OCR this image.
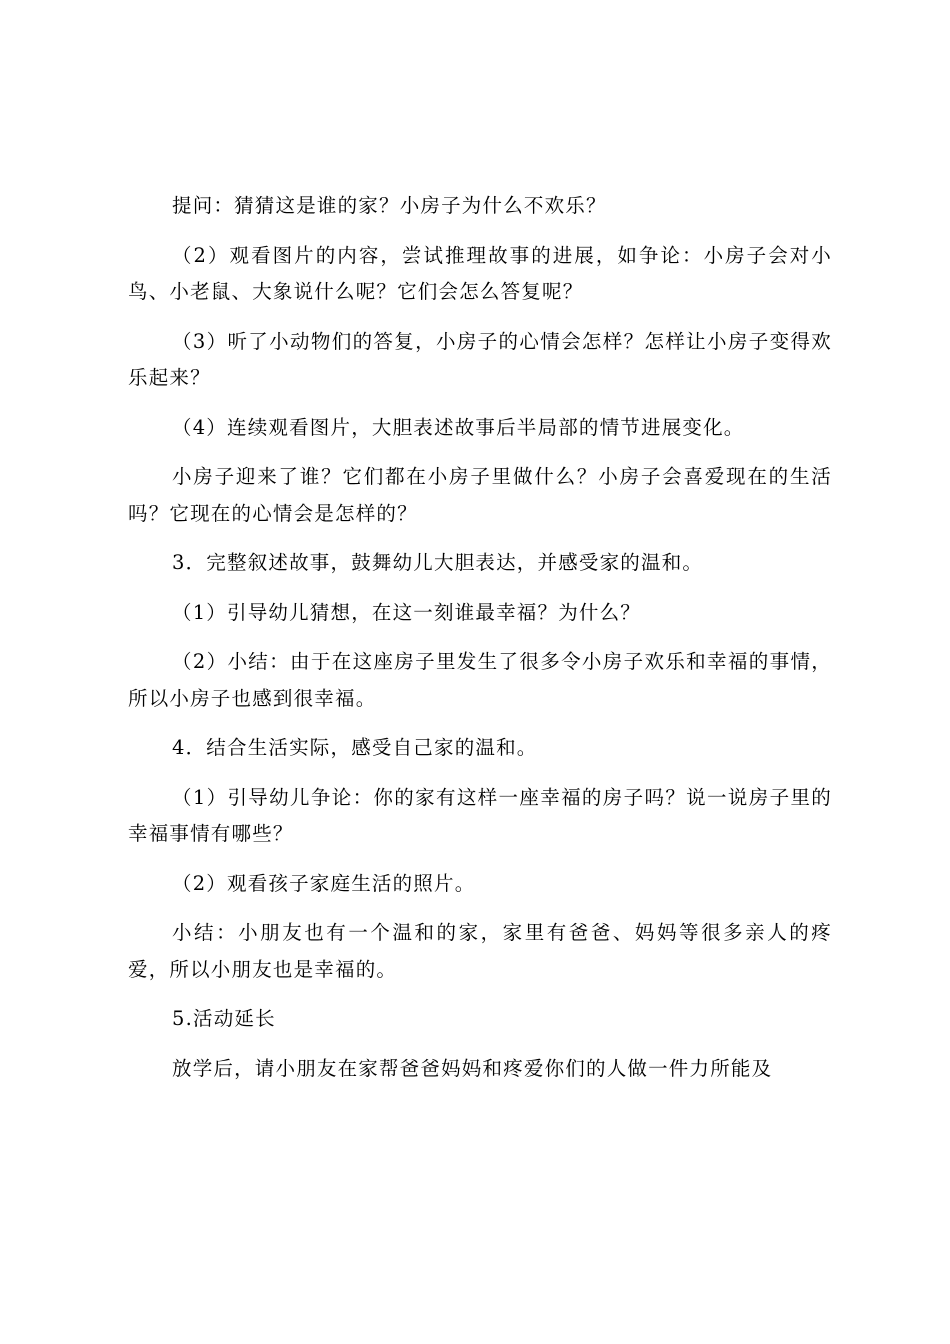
提问：猜猜这是谁的家？小房子为什么不欢乐？

（2）观看图片的内容，尝试推理故事的进展，如争论：小房子会对小鸟、小老鼠、大象说什么呢？它们会怎么答复呢？

（3）听了小动物们的答复，小房子的心情会怎样？怎样让小房子变得欢乐起来？

（4）连续观看图片，大胆表述故事后半局部的情节进展变化。

小房子迎来了谁？它们都在小房子里做什么？小房子会喜爱现在的生活吗？它现在的心情会是怎样的？

3．完整叙述故事，鼓舞幼儿大胆表达，并感受家的温和。

（1）引导幼儿猜想，在这一刻谁最幸福？为什么？

（2）小结：由于在这座房子里发生了很多令小房子欢乐和幸福的事情，所以小房子也感到很幸福。

4．结合生活实际，感受自己家的温和。

（1）引导幼儿争论：你的家有这样一座幸福的房子吗？说一说房子里的幸福事情有哪些？

（2）观看孩子家庭生活的照片。

小结：小朋友也有一个温和的家，家里有爸爸、妈妈等很多亲人的疼爱，所以小朋友也是幸福的。

5.活动延长

放学后，请小朋友在家帮爸爸妈妈和疼爱你们的人做一件力所能及
